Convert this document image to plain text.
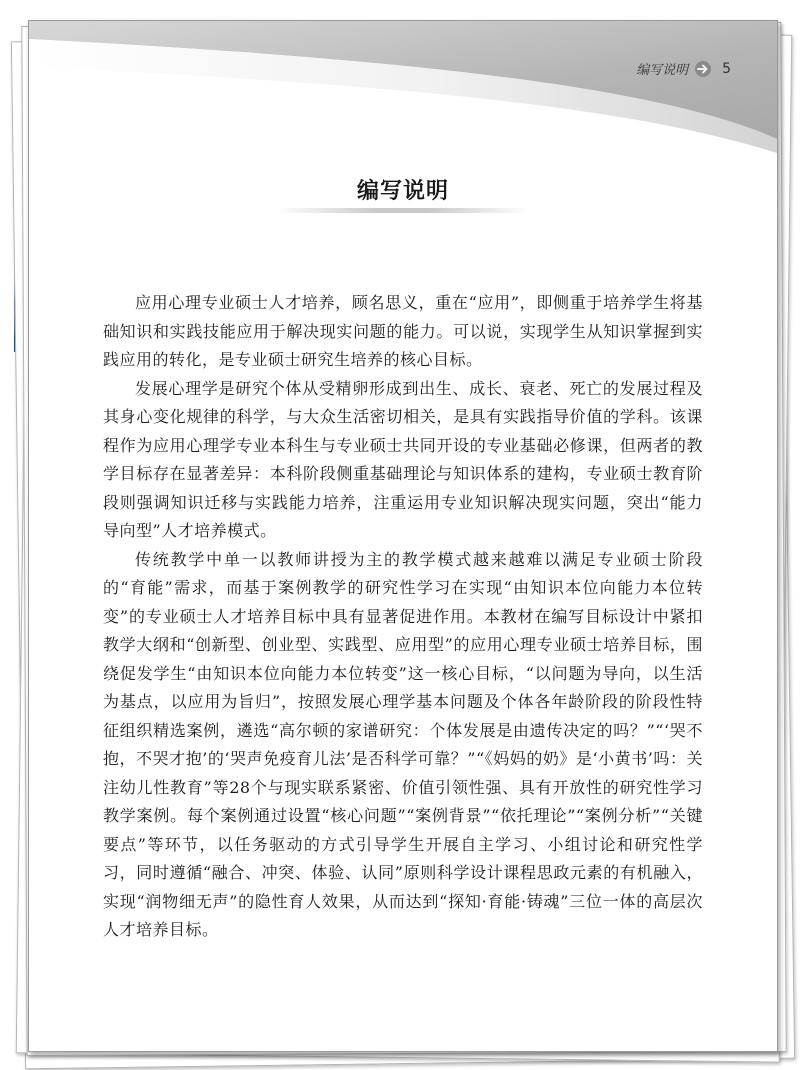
编写说明 5
编写说明

应用心理专业硕士人才培养，顾名思义，重在“应用”，即侧重于培养学生将基础知识和实践技能应用于解决现实问题的能力。可以说，实现学生从知识掌握到实践应用的转化，是专业硕士研究生培养的核心目标。

发展心理学是研究个体从受精卵形成到出生、成长、衰老、死亡的发展过程及其身心变化规律的科学，与大众生活密切相关，是具有实践指导价值的学科。该课程作为应用心理学专业本科生与专业硕士共同开设的专业基础必修课，但两者的教学目标存在显著差异：本科阶段侧重基础理论与知识体系的建构，专业硕士教育阶段则强调知识迁移与实践能力培养，注重运用专业知识解决现实问题，突出“能力导向型”人才培养模式。

传统教学中单一以教师讲授为主的教学模式越来越难以满足专业硕士阶段的“育能”需求，而基于案例教学的研究性学习在实现“由知识本位向能力本位转变”的专业硕士人才培养目标中具有显著促进作用。本教材在编写目标设计中紧扣教学大纲和“创新型、创业型、实践型、应用型”的应用心理专业硕士培养目标，围绕促发学生“由知识本位向能力本位转变”这一核心目标，“以问题为导向，以生活为基点，以应用为旨归”，按照发展心理学基本问题及个体各年龄阶段的阶段性特征组织精选案例，遴选“高尔顿的家谱研究：个体发展是由遗传决定的吗？”“‘哭不抱，不哭才抱’的‘哭声免疫育儿法’是否科学可靠？”“《妈妈的奶》是‘小黄书’吗：关注幼儿性教育”等28个与现实联系紧密、价值引领性强、具有开放性的研究性学习教学案例。每个案例通过设置“核心问题”“案例背景”“依托理论”“案例分析”“关键要点”等环节，以任务驱动的方式引导学生开展自主学习、小组讨论和研究性学习，同时遵循“融合、冲突、体验、认同”原则科学设计课程思政元素的有机融入，实现“润物细无声”的隐性育人效果，从而达到“探知·育能·铸魂”三位一体的高层次人才培养目标。
